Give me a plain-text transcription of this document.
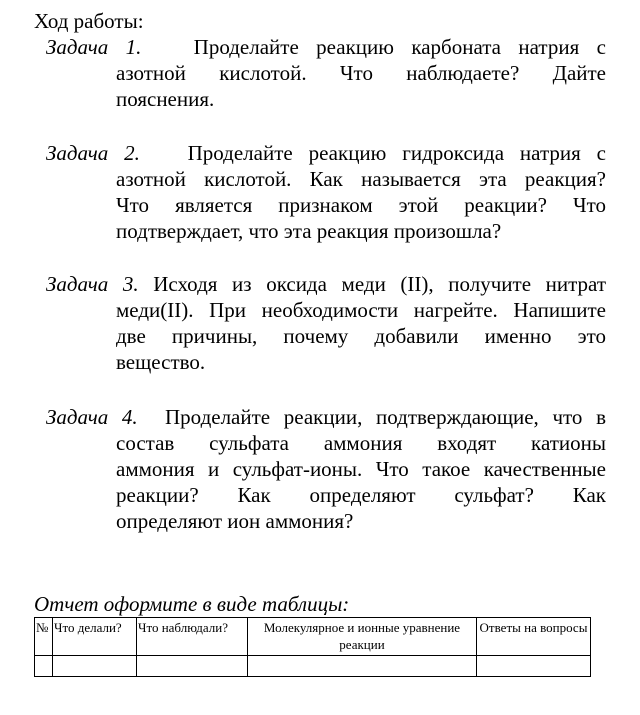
Ход работы:
Задача 1. Проделайте реакцию карбоната натрия с
азотной кислотой. Что наблюдаете? Дайте
пояснения.
Задача 2. Проделайте реакцию гидроксида натрия с
азотной кислотой. Как называется эта реакция?
Что является признаком этой реакции? Что
подтверждает, что эта реакция произошла?
Задача 3. Исходя из оксида меди (II), получите нитрат
меди(II). При необходимости нагрейте. Напишите
две причины, почему добавили именно это
вещество.
Задача 4. Проделайте реакции, подтверждающие, что в
состав сульфата аммония входят катионы
аммония и сульфат-ионы. Что такое качественные
реакции? Как определяют сульфат? Как
определяют ион аммония?
Отчет оформите в виде таблицы:
№	Что делали?	Что наблюдали?	Молекулярное и ионные уравнение реакции	Ответы на вопросы
